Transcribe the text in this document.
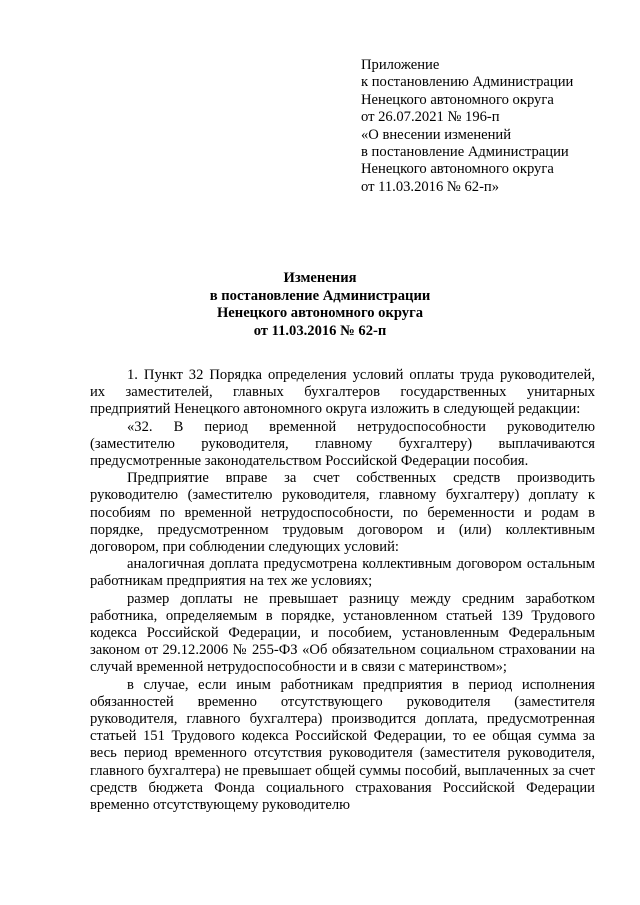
Приложение
к постановлению Администрации
Ненецкого автономного округа
от 26.07.2021 № 196-п
«О внесении изменений
в постановление Администрации
Ненецкого автономного округа
от 11.03.2016 № 62-п»
Изменения
в постановление Администрации
Ненецкого автономного округа
от 11.03.2016 № 62-п

1. Пункт 32 Порядка определения условий оплаты труда руководителей, их заместителей, главных бухгалтеров государственных унитарных предприятий Ненецкого автономного округа изложить в следующей редакции:

«32. В период временной нетрудоспособности руководителю (заместителю руководителя, главному бухгалтеру) выплачиваются предусмотренные законодательством Российской Федерации пособия.

Предприятие вправе за счет собственных средств производить руководителю (заместителю руководителя, главному бухгалтеру) доплату к пособиям по временной нетрудоспособности, по беременности и родам в порядке, предусмотренном трудовым договором и (или) коллективным договором, при соблюдении следующих условий:

аналогичная доплата предусмотрена коллективным договором остальным работникам предприятия на тех же условиях;

размер доплаты не превышает разницу между средним заработком работника, определяемым в порядке, установленном статьей 139 Трудового кодекса Российской Федерации, и пособием, установленным Федеральным законом от 29.12.2006 № 255-ФЗ «Об обязательном социальном страховании на случай временной нетрудоспособности и в связи с материнством»;

в случае, если иным работникам предприятия в период исполнения обязанностей временно отсутствующего руководителя (заместителя руководителя, главного бухгалтера) производится доплата, предусмотренная статьей 151 Трудового кодекса Российской Федерации, то ее общая сумма за весь период временного отсутствия руководителя (заместителя руководителя, главного бухгалтера) не превышает общей суммы пособий, выплаченных за счет средств бюджета Фонда социального страхования Российской Федерации временно отсутствующему руководителю
